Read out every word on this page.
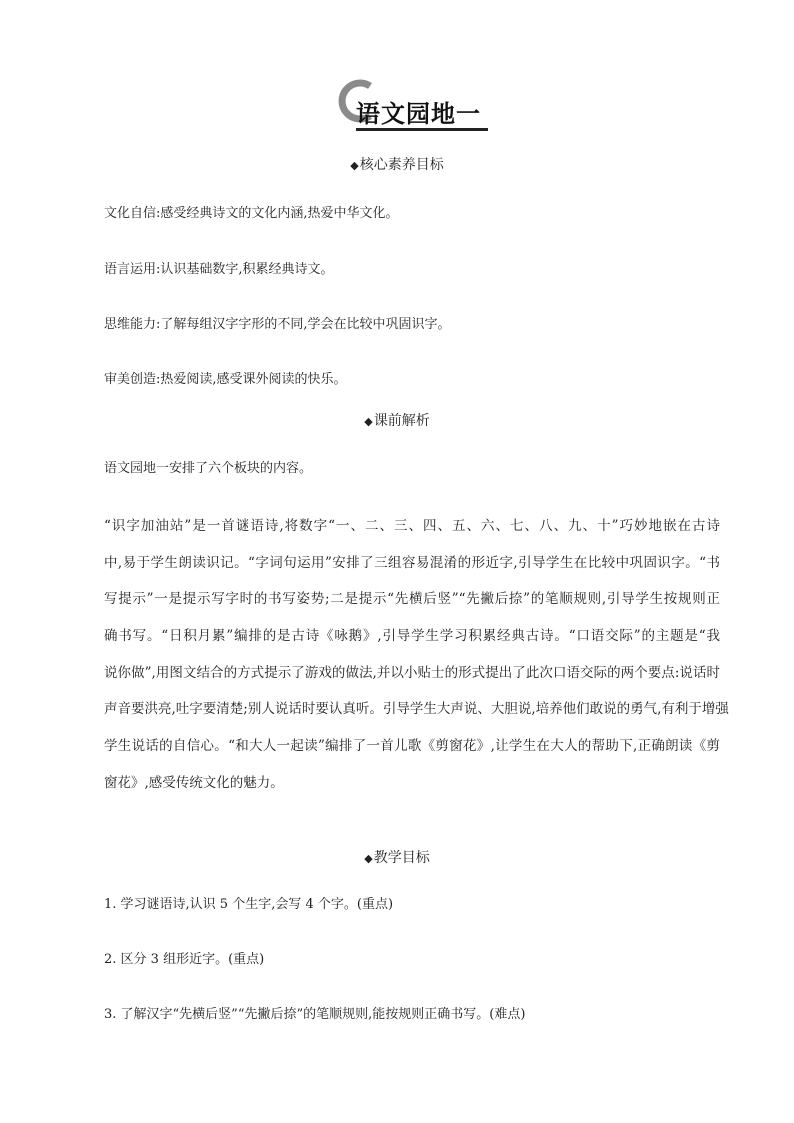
语文园地一
◆核心素养目标
文化自信:感受经典诗文的文化内涵,热爱中华文化。
语言运用:认识基础数字,积累经典诗文。
思维能力:了解每组汉字字形的不同,学会在比较中巩固识字。
审美创造:热爱阅读,感受课外阅读的快乐。
◆课前解析
语文园地一安排了六个板块的内容。
“识字加油站”是一首谜语诗,将数字“一、二、三、四、五、六、七、八、九、十”巧妙地嵌在古诗
中,易于学生朗读识记。“字词句运用”安排了三组容易混淆的形近字,引导学生在比较中巩固识字。“书
写提示”一是提示写字时的书写姿势;二是提示“先横后竖”“先撇后捺”的笔顺规则,引导学生按规则正
确书写。“日积月累”编排的是古诗《咏鹅》,引导学生学习积累经典古诗。“口语交际”的主题是“我
说你做”,用图文结合的方式提示了游戏的做法,并以小贴士的形式提出了此次口语交际的两个要点:说话时
声音要洪亮,吐字要清楚;别人说话时要认真听。引导学生大声说、大胆说,培养他们敢说的勇气,有利于增强
学生说话的自信心。“和大人一起读”编排了一首儿歌《剪窗花》,让学生在大人的帮助下,正确朗读《剪
窗花》,感受传统文化的魅力。
◆教学目标
1. 学习谜语诗,认识 5 个生字,会写 4 个字。(重点)
2. 区分 3 组形近字。(重点)
3. 了解汉字“先横后竖”“先撇后捺”的笔顺规则,能按规则正确书写。(难点)
